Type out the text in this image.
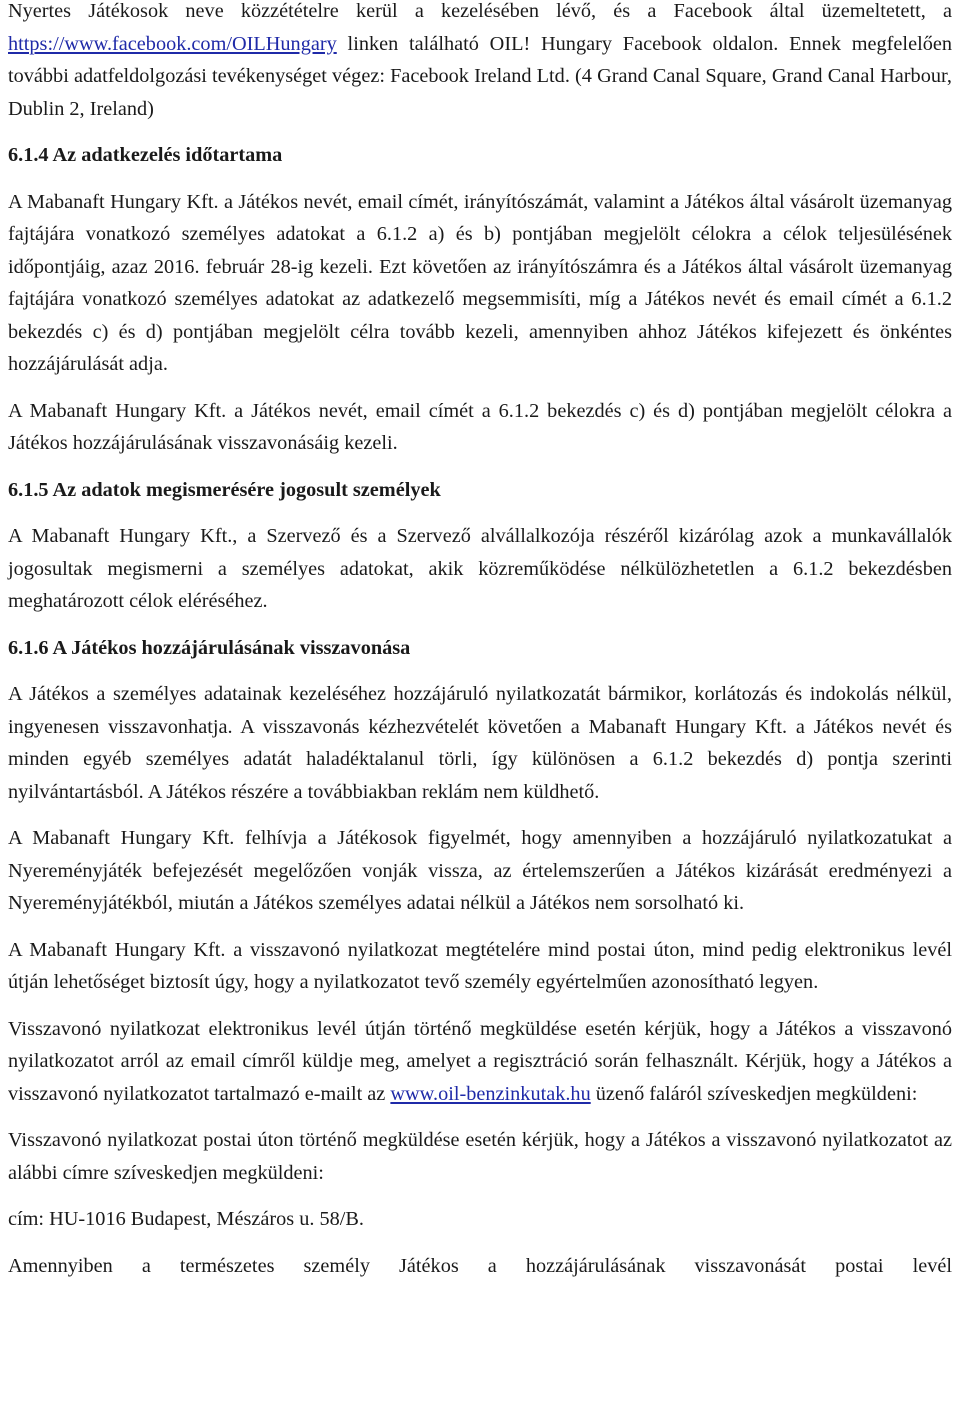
Nyertes Játékosok neve közzétételre kerül a kezelésében lévő, és a Facebook által üzemeltetett, a https://www.facebook.com/OILHungary linken található OIL! Hungary Facebook oldalon. Ennek megfelelően további adatfeldolgozási tevékenységet végez: Facebook Ireland Ltd. (4 Grand Canal Square, Grand Canal Harbour, Dublin 2, Ireland)

6.1.4 Az adatkezelés időtartama

A Mabanaft Hungary Kft. a Játékos nevét, email címét, irányítószámát, valamint a Játékos által vásárolt üzemanyag fajtájára vonatkozó személyes adatokat a 6.1.2 a) és b) pontjában megjelölt célokra a célok teljesülésének időpontjáig, azaz 2016. február 28-ig kezeli. Ezt követően az irányítószámra és a Játékos által vásárolt üzemanyag fajtájára vonatkozó személyes adatokat az adatkezelő megsemmisíti, míg a Játékos nevét és email címét a 6.1.2 bekezdés c) és d) pontjában megjelölt célra tovább kezeli, amennyiben ahhoz Játékos kifejezett és önkéntes hozzájárulását adja.

A Mabanaft Hungary Kft. a Játékos nevét, email címét a 6.1.2 bekezdés c) és d) pontjában megjelölt célokra a Játékos hozzájárulásának visszavonásáig kezeli.

6.1.5 Az adatok megismerésére jogosult személyek

A Mabanaft Hungary Kft., a Szervező és a Szervező alvállalkozója részéről kizárólag azok a munkavállalók jogosultak megismerni a személyes adatokat, akik közreműködése nélkülözhetetlen a 6.1.2 bekezdésben meghatározott célok eléréséhez.

6.1.6 A Játékos hozzájárulásának visszavonása

A Játékos a személyes adatainak kezeléséhez hozzájáruló nyilatkozatát bármikor, korlátozás és indokolás nélkül, ingyenesen visszavonhatja. A visszavonás kézhezvételét követően a Mabanaft Hungary Kft. a Játékos nevét és minden egyéb személyes adatát haladéktalanul törli, így különösen a 6.1.2 bekezdés d) pontja szerinti nyilvántartásból. A Játékos részére a továbbiakban reklám nem küldhető.

A Mabanaft Hungary Kft. felhívja a Játékosok figyelmét, hogy amennyiben a hozzájáruló nyilatkozatukat a Nyereményjáték befejezését megelőzően vonják vissza, az értelemszerűen a Játékos kizárását eredményezi a Nyereményjátékból, miután a Játékos személyes adatai nélkül a Játékos nem sorsolható ki.

A Mabanaft Hungary Kft. a visszavonó nyilatkozat megtételére mind postai úton, mind pedig elektronikus levél útján lehetőséget biztosít úgy, hogy a nyilatkozatot tevő személy egyértelműen azonosítható legyen.

Visszavonó nyilatkozat elektronikus levél útján történő megküldése esetén kérjük, hogy a Játékos a visszavonó nyilatkozatot arról az email címről küldje meg, amelyet a regisztráció során felhasznált. Kérjük, hogy a Játékos a visszavonó nyilatkozatot tartalmazó e-mailt az www.oil-benzinkutak.hu üzenő faláról szíveskedjen megküldeni:

Visszavonó nyilatkozat postai úton történő megküldése esetén kérjük, hogy a Játékos a visszavonó nyilatkozatot az alábbi címre szíveskedjen megküldeni:

cím: HU-1016 Budapest, Mészáros u. 58/B.

Amennyiben a természetes személy Játékos a hozzájárulásának visszavonását postai levél
